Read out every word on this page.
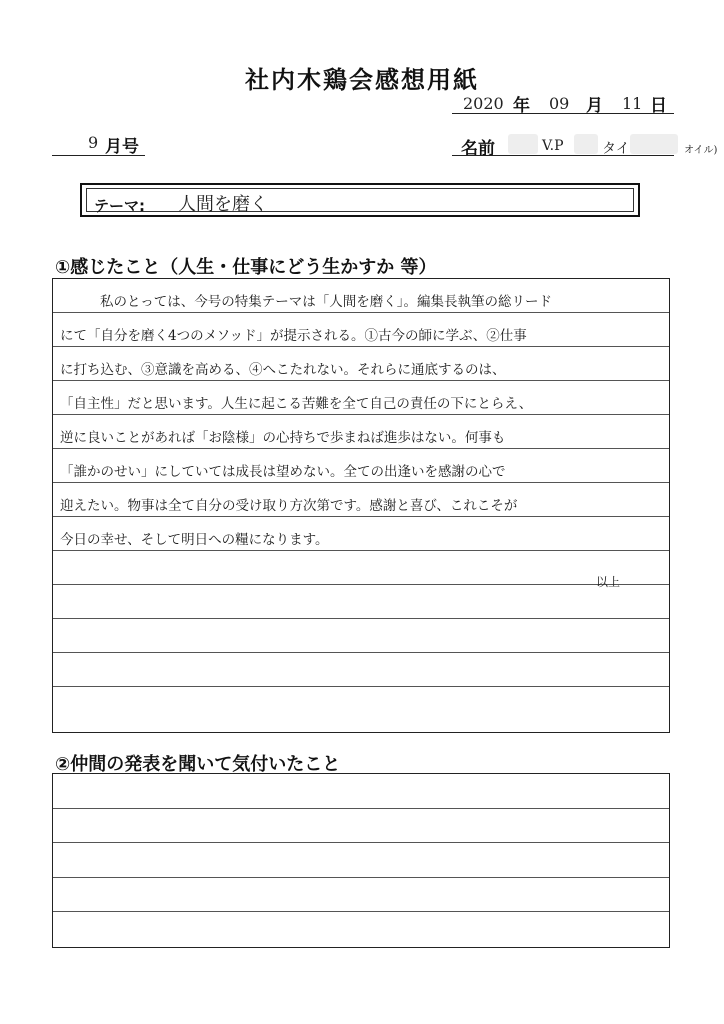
社内木鶏会感想用紙
2020 年 09 月 11 日
9 月号	名前	V.P	タイ	オイル)
テーマ: 人間を磨く
①感じたこと（人生・仕事にどう生かすか 等）
私のとっては、今号の特集テーマは「人間を磨く」。編集長執筆の総リード
にて「自分を磨く4つのメソッド」が提示される。①古今の師に学ぶ、②仕事
に打ち込む、③意識を高める、④へこたれない。それらに通底するのは、
「自主性」だと思います。人生に起こる苦難を全て自己の責任の下にとらえ、
逆に良いことがあれば「お陰様」の心持ちで歩まねば進歩はない。何事も
「誰かのせい」にしていては成長は望めない。全ての出逢いを感謝の心で
迎えたい。物事は全て自分の受け取り方次第です。感謝と喜び、これこそが
今日の幸せ、そして明日への糧になります。
以上
②仲間の発表を聞いて気付いたこと
